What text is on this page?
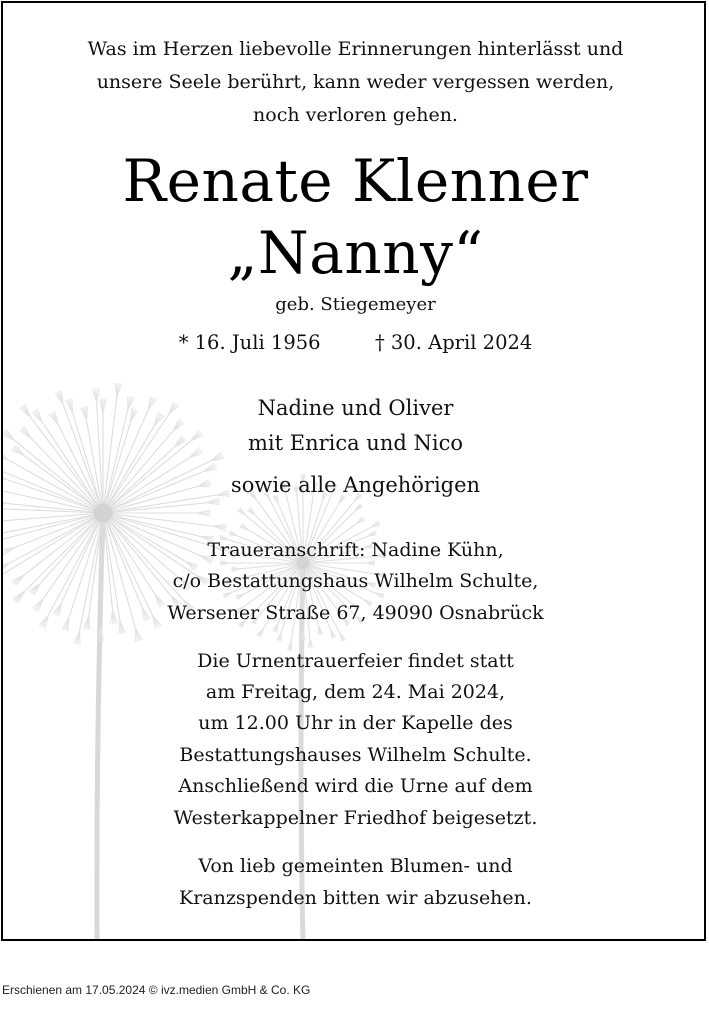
Was im Herzen liebevolle Erinnerungen hinterlässt und
unsere Seele berührt, kann weder vergessen werden,
noch verloren gehen.
Renate Klenner
„Nanny“
geb. Stiegemeyer
* 16. Juli 1956	† 30. April 2024
Nadine und Oliver
mit Enrica und Nico
sowie alle Angehörigen
Traueranschrift: Nadine Kühn,
c/o Bestattungshaus Wilhelm Schulte,
Wersener Straße 67, 49090 Osnabrück
Die Urnentrauerfeier findet statt
am Freitag, dem 24. Mai 2024,
um 12.00 Uhr in der Kapelle des
Bestattungshauses Wilhelm Schulte.
Anschließend wird die Urne auf dem
Westerkappelner Friedhof beigesetzt.
Von lieb gemeinten Blumen- und
Kranzspenden bitten wir abzusehen.
Erschienen am 17.05.2024 © ivz.medien GmbH & Co. KG
